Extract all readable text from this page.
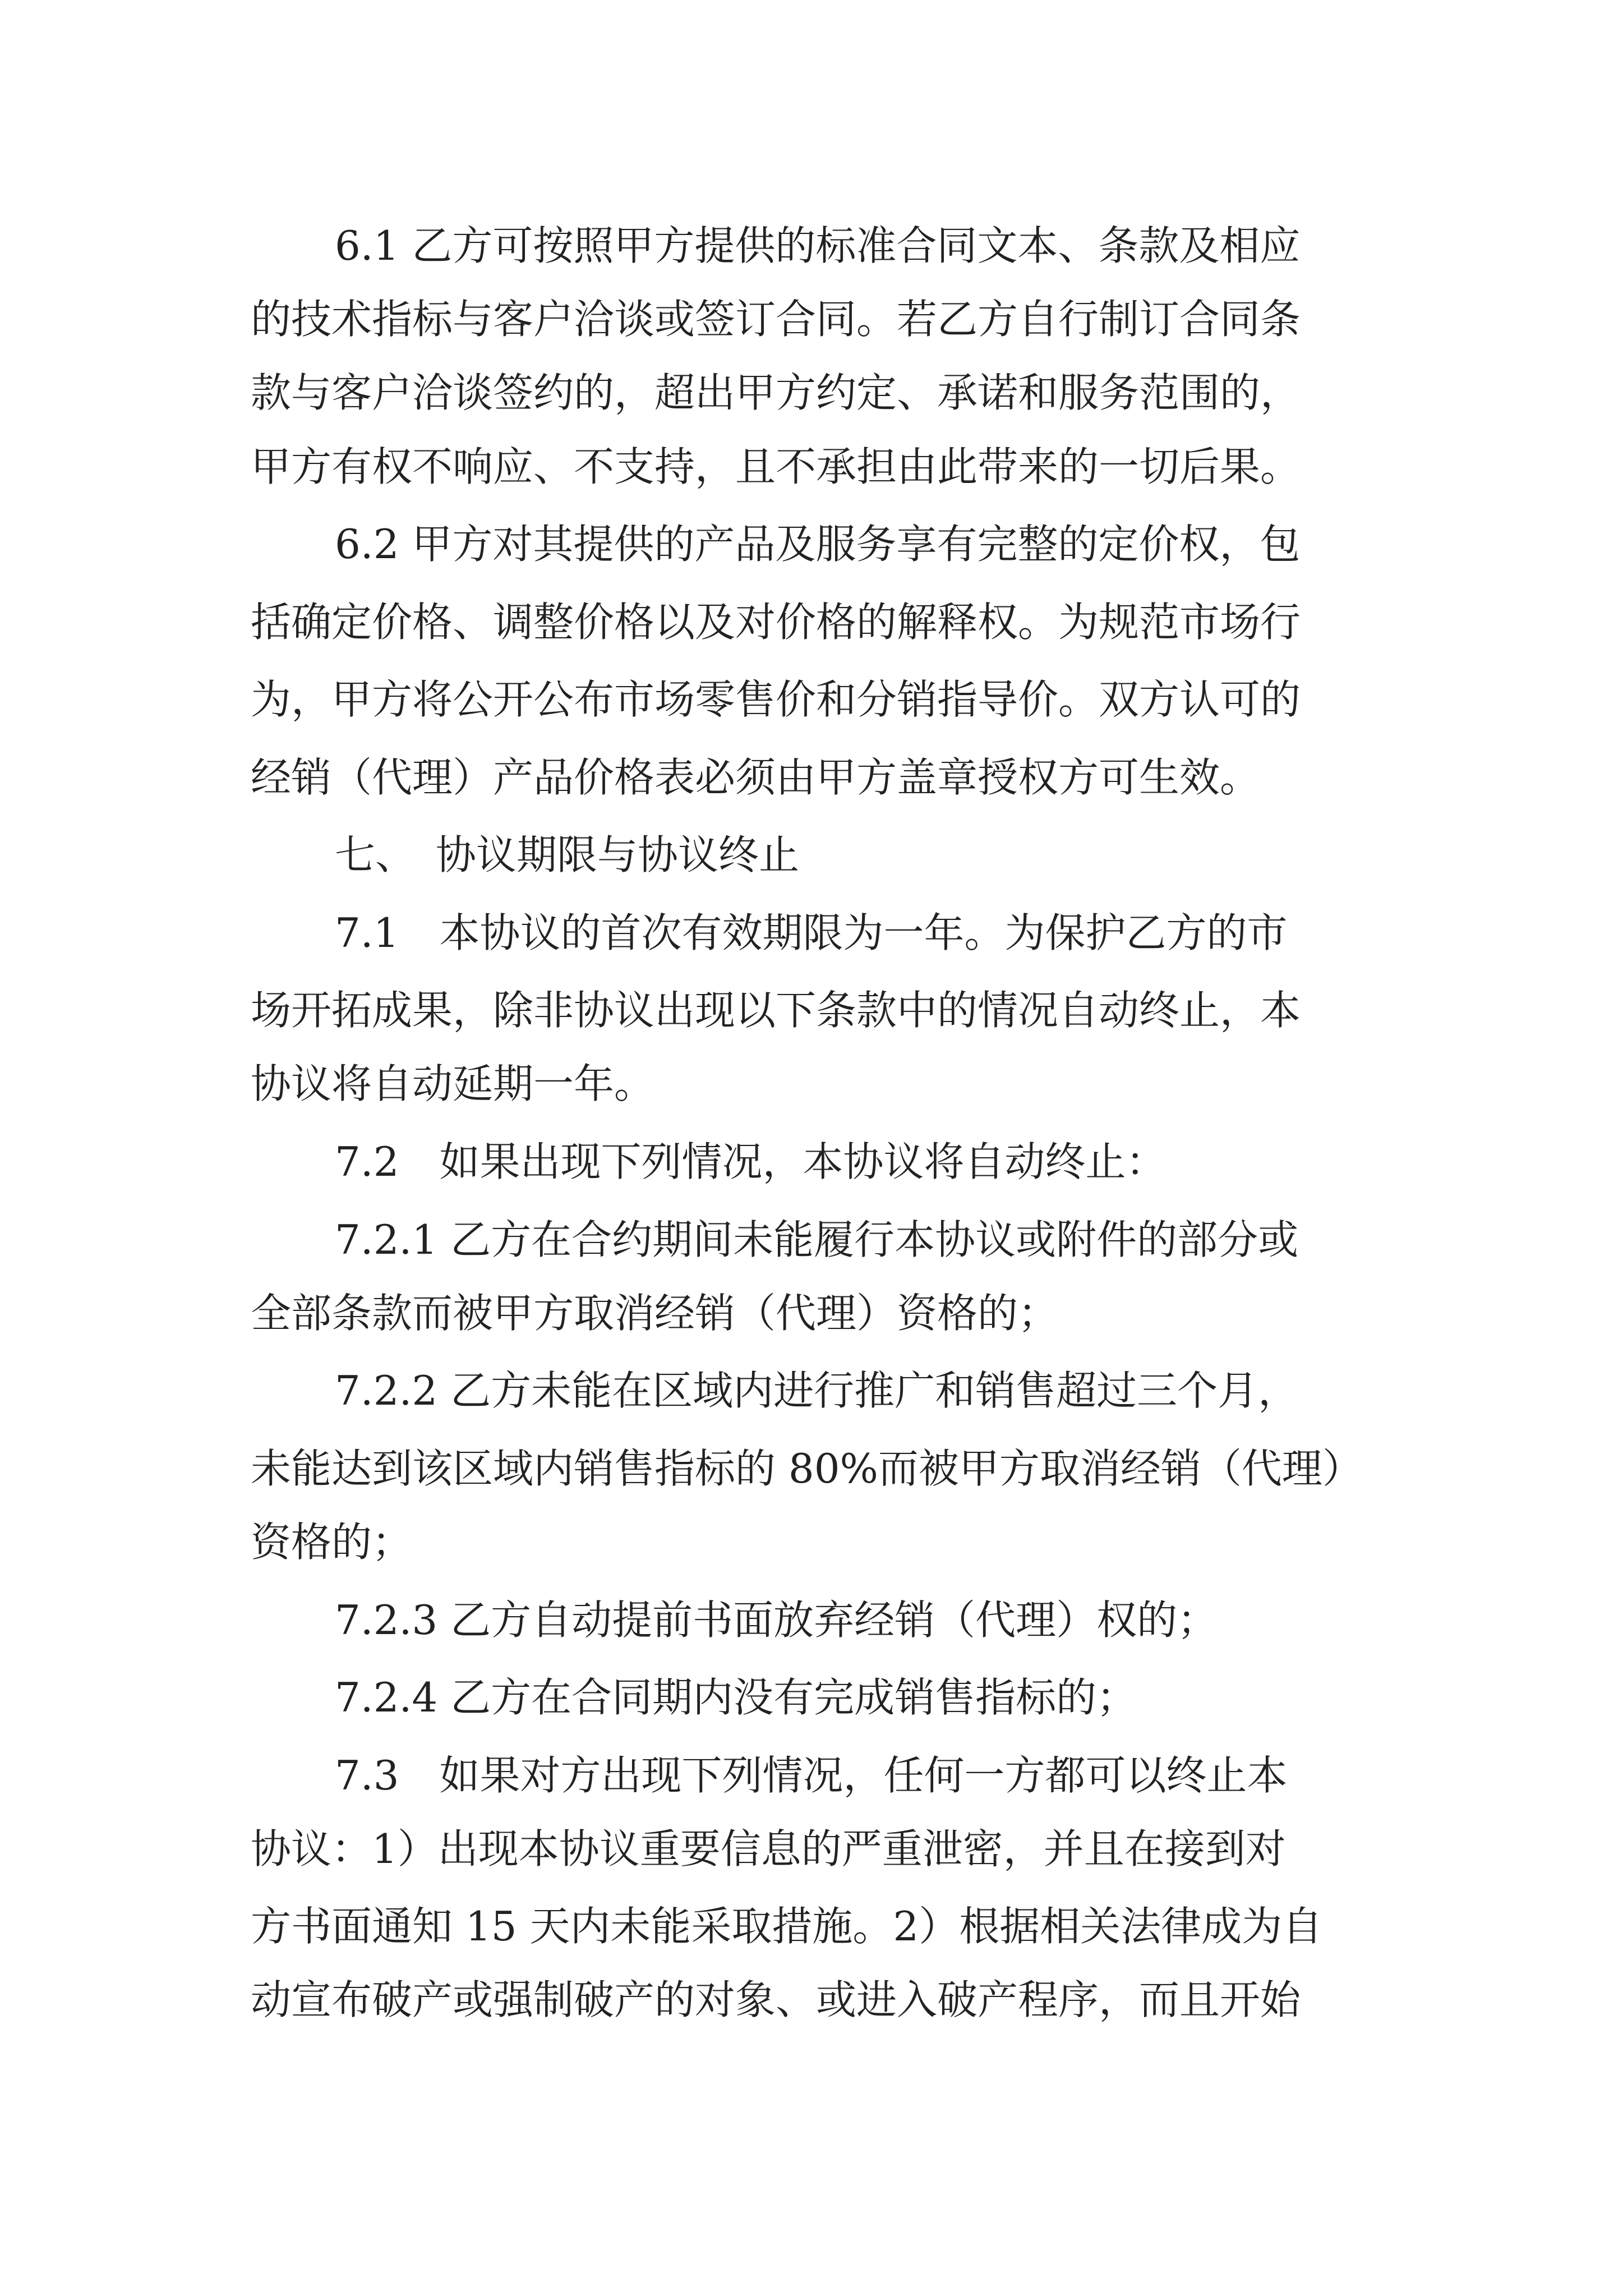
6.1 乙方可按照甲方提供的标准合同文本、条款及相应

的技术指标与客户洽谈或签订合同。若乙方自行制订合同条

款与客户洽谈签约的，超出甲方约定、承诺和服务范围的，

甲方有权不响应、不支持，且不承担由此带来的一切后果。

6.2 甲方对其提供的产品及服务享有完整的定价权，包

括确定价格、调整价格以及对价格的解释权。为规范市场行

为，甲方将公开公布市场零售价和分销指导价。双方认可的

经销（代理）产品价格表必须由甲方盖章授权方可生效。

七、　协议期限与协议终止

7.1　本协议的首次有效期限为一年。为保护乙方的市

场开拓成果，除非协议出现以下条款中的情况自动终止，本

协议将自动延期一年。

7.2　如果出现下列情况，本协议将自动终止：

7.2.1 乙方在合约期间未能履行本协议或附件的部分或

全部条款而被甲方取消经销（代理）资格的；

7.2.2 乙方未能在区域内进行推广和销售超过三个月，

未能达到该区域内销售指标的 80%而被甲方取消经销（代理）

资格的；

7.2.3 乙方自动提前书面放弃经销（代理）权的；

7.2.4 乙方在合同期内没有完成销售指标的；

7.3　如果对方出现下列情况，任何一方都可以终止本

协议：1）出现本协议重要信息的严重泄密，并且在接到对

方书面通知 15 天内未能采取措施。2）根据相关法律成为自

动宣布破产或强制破产的对象、或进入破产程序，而且开始
